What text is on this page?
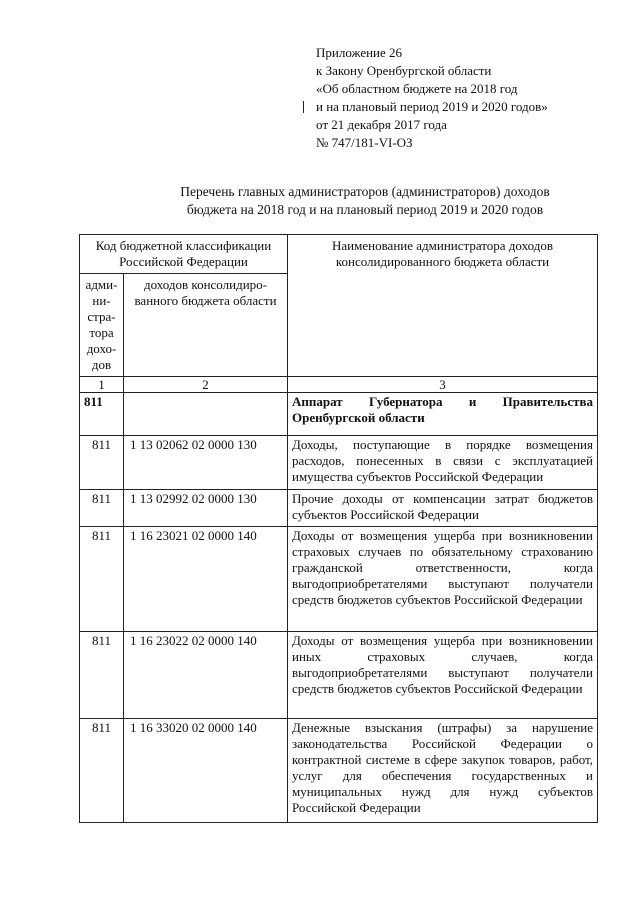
Приложение 26
к Закону Оренбургской области
«Об областном бюджете на 2018 год
и на плановый период 2019 и 2020 годов»
от 21 декабря 2017 года
№ 747/181-VI-ОЗ
Перечень главных администраторов (администраторов) доходов
бюджета на 2018 год и на плановый период 2019 и 2020 годов
Код бюджетной классификации Российской Федерации		Наименование администратора доходов консолидированного бюджета области
адми-ни-стра-тора дохо-дов	доходов консолидиро-ванного бюджета области	
1	2	3
811		Аппарат Губернатора и Правительства Оренбургской области
811	1 13 02062 02 0000 130	Доходы, поступающие в порядке возмещения расходов, понесенных в связи с эксплуатацией имущества субъектов Российской Федерации
811	1 13 02992 02 0000 130	Прочие доходы от компенсации затрат бюджетов субъектов Российской Федерации
811	1 16 23021 02 0000 140	Доходы от возмещения ущерба при возникновении страховых случаев по обязательному страхованию гражданской ответственности, когда выгодоприобретателями выступают получатели средств бюджетов субъектов Российской Федерации
811	1 16 23022 02 0000 140	Доходы от возмещения ущерба при возникновении иных страховых случаев, когда выгодоприобретателями выступают получатели средств бюджетов субъектов Российской Федерации
811	1 16 33020 02 0000 140	Денежные взыскания (штрафы) за нарушение законодательства Российской Федерации о контрактной системе в сфере закупок товаров, работ, услуг для обеспечения государственных и муниципальных нужд для нужд субъектов Российской Федерации
